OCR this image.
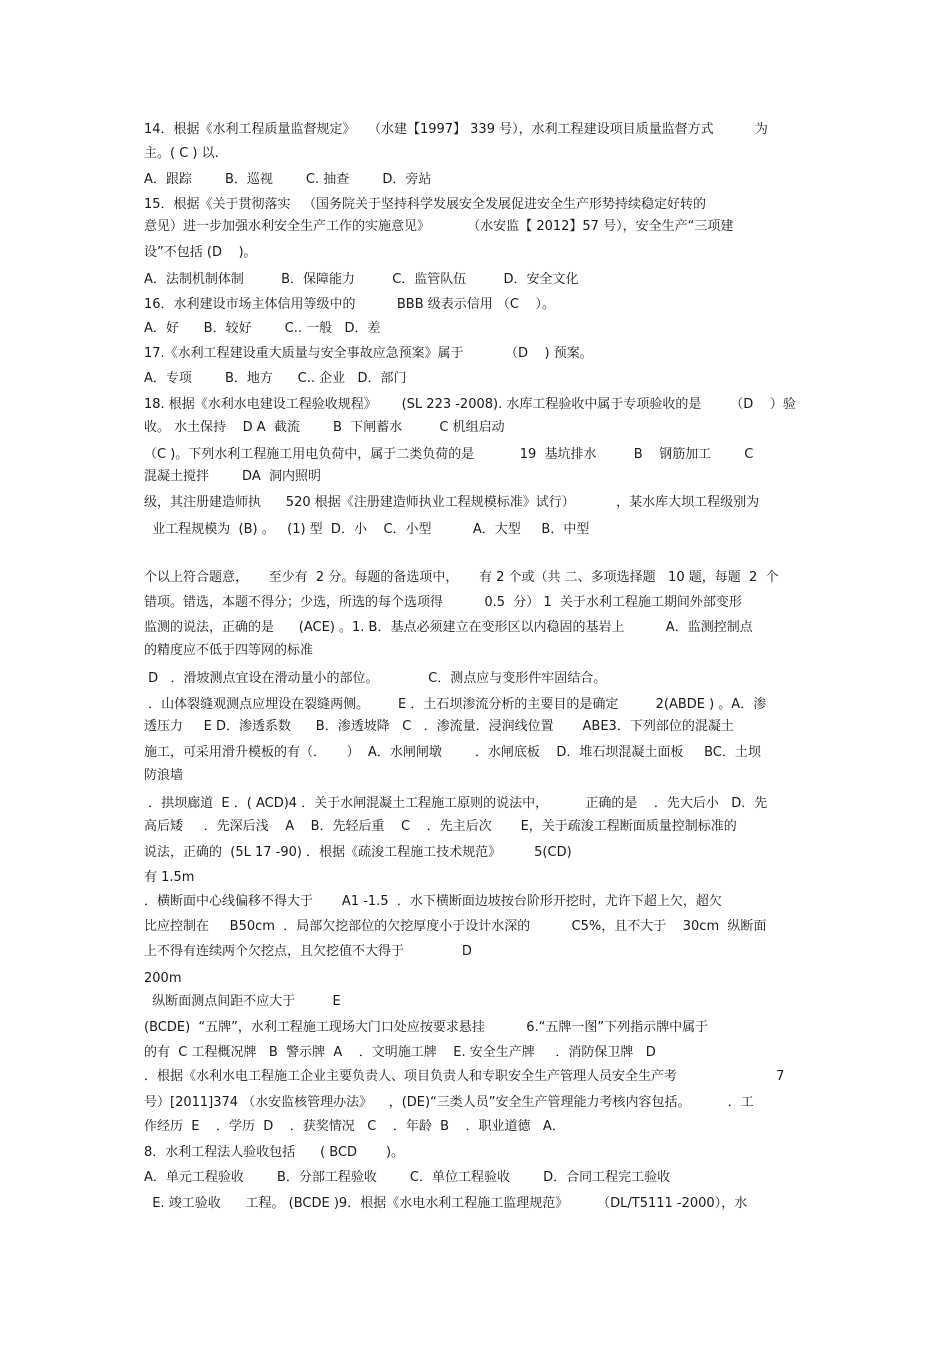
14．根据《水利工程质量监督规定》   （水建【1997】 339 号），水利工程建设项目质量监督方式          为
主。( C ) 以.
A．跟踪        B．巡视        C. 抽查        D．旁站
15．根据《关于贯彻落实   （国务院关于坚持科学发展安全发展促进安全生产形势持续稳定好转的
意见）进一步加强水利安全生产工作的实施意见》         （水安监【 2012】57 号），安全生产“三项建
设”不包括 (D    )。
A．法制机制体制         B．保障能力         C．监管队伍         D．安全文化
16．水利建设市场主体信用等级中的          BBB 级表示信用 （C    ）。
A．好      B．较好        C.. 一般   D．差
17.《水利工程建设重大质量与安全事故应急预案》属于          （D    ) 预案。
A．专项        B．地方      C.. 企业   D．部门
18. 根据《水利水电建设工程验收规程》      (SL 223 -2008). 水库工程验收中属于专项验收的是       （D    ）验
收。 水土保持    D A  截流        B  下闸蓄水         C 机组启动
（C )。下列水利工程施工用电负荷中，属于二类负荷的是           19  基坑排水         B    钢筋加工        C
混凝土搅拌        DA  洞内照明
级，其注册建造师执      520 根据《注册建造师执业工程规模标准》试行）          ，某水库大坝工程级别为
业工程规模为  (B) 。   (1) 型  D．小    C．小型          A．大型     B．中型
个以上符合题意，     至少有  2 分。每题的备选项中，     有 2 个或（共 二、多项选择题   10 题，每题  2  个
错项。错选，本题不得分；少选，所选的每个选项得          0.5  分） 1  关于水利工程施工期间外部变形
监测的说法，正确的是      (ACE) 。1. B．基点必须建立在变形区以内稳固的基岩上          A．监测控制点
的精度应不低于四等网的标准
D   ．滑坡测点宜设在滑动量小的部位。            C．测点应与变形件牢固结合。
．山体裂缝观测点应埋设在裂缝两侧。       E ．土石坝渗流分析的主要目的是确定         2(ABDE ) 。A．渗
透压力     E D．渗透系数      B．渗透坡降   C   ．渗流量．浸润线位置       ABE3．下列部位的混凝土
施工，可采用滑升模板的有（．     ）  A．水闸闸墩        ．水闸底板    D．堆石坝混凝土面板     BC．土坝
防浪墙
．拱坝廊道  E ．( ACD)4 ．关于水闸混凝土工程施工原则的说法中，         正确的是    ．先大后小   D．先
高后矮     ．先深后浅    A    B．先轻后重    C    ．先主后次       E，关于疏浚工程断面质量控制标准的
说法，正确的  (5L 17 -90) ．根据《疏浚工程施工技术规范》        5(CD)
有 1.5m
．横断面中心线偏移不得大于       A1 -1.5  ．水下横断面边坡按台阶形开挖时，尤许下超上欠，超欠
比应控制在     B50cm  ．局部欠挖部位的欠挖厚度小于设计水深的          C5%，且不大于    30cm  纵断面
上不得有连续两个欠挖点，且欠挖值不大得于              D
200m
纵断面测点间距不应大于         E
(BCDE)  “五牌”，水利工程施工现场大门口处应按要求悬挂          6.“五牌一图”下列指示牌中属于
的有  C 工程概况牌   B  警示牌  A    ．文明施工牌    E. 安全生产牌     ．消防保卫牌   D
．根据《水利水电工程施工企业主要负责人、项目负责人和专职安全生产管理人员安全生产考                        7
号）[2011]374 （水安监核管理办法》    ，(DE)“三类人员”安全生产管理能力考核内容包括。         ．工
作经历  E    ．学历  D    ．获奖情况   C    ．年龄  B    ．职业道德   A．
8．水利工程法人验收包括      ( BCD       )。
A．单元工程验收        B．分部工程验收        C．单位工程验收        D．合同工程完工验收
E. 竣工验收      工程。 (BCDE )9．根据《水电水利工程施工监理规范》       （DL/T5111 -2000），水
